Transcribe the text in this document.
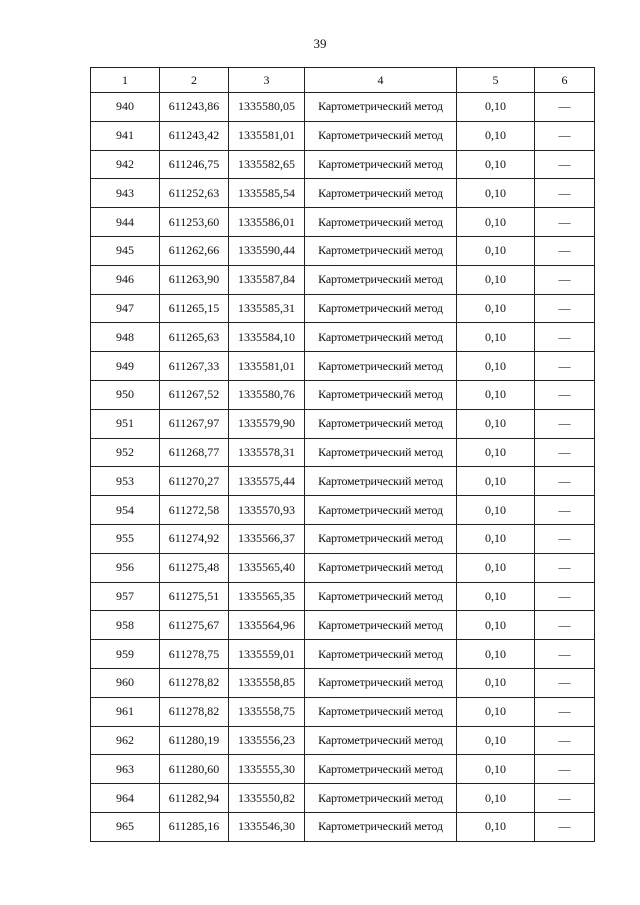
39
1	2	3	4	5	6
940	611243,86	1335580,05	Картометрический метод	0,10	—
941	611243,42	1335581,01	Картометрический метод	0,10	—
942	611246,75	1335582,65	Картометрический метод	0,10	—
943	611252,63	1335585,54	Картометрический метод	0,10	—
944	611253,60	1335586,01	Картометрический метод	0,10	—
945	611262,66	1335590,44	Картометрический метод	0,10	—
946	611263,90	1335587,84	Картометрический метод	0,10	—
947	611265,15	1335585,31	Картометрический метод	0,10	—
948	611265,63	1335584,10	Картометрический метод	0,10	—
949	611267,33	1335581,01	Картометрический метод	0,10	—
950	611267,52	1335580,76	Картометрический метод	0,10	—
951	611267,97	1335579,90	Картометрический метод	0,10	—
952	611268,77	1335578,31	Картометрический метод	0,10	—
953	611270,27	1335575,44	Картометрический метод	0,10	—
954	611272,58	1335570,93	Картометрический метод	0,10	—
955	611274,92	1335566,37	Картометрический метод	0,10	—
956	611275,48	1335565,40	Картометрический метод	0,10	—
957	611275,51	1335565,35	Картометрический метод	0,10	—
958	611275,67	1335564,96	Картометрический метод	0,10	—
959	611278,75	1335559,01	Картометрический метод	0,10	—
960	611278,82	1335558,85	Картометрический метод	0,10	—
961	611278,82	1335558,75	Картометрический метод	0,10	—
962	611280,19	1335556,23	Картометрический метод	0,10	—
963	611280,60	1335555,30	Картометрический метод	0,10	—
964	611282,94	1335550,82	Картометрический метод	0,10	—
965	611285,16	1335546,30	Картометрический метод	0,10	—
